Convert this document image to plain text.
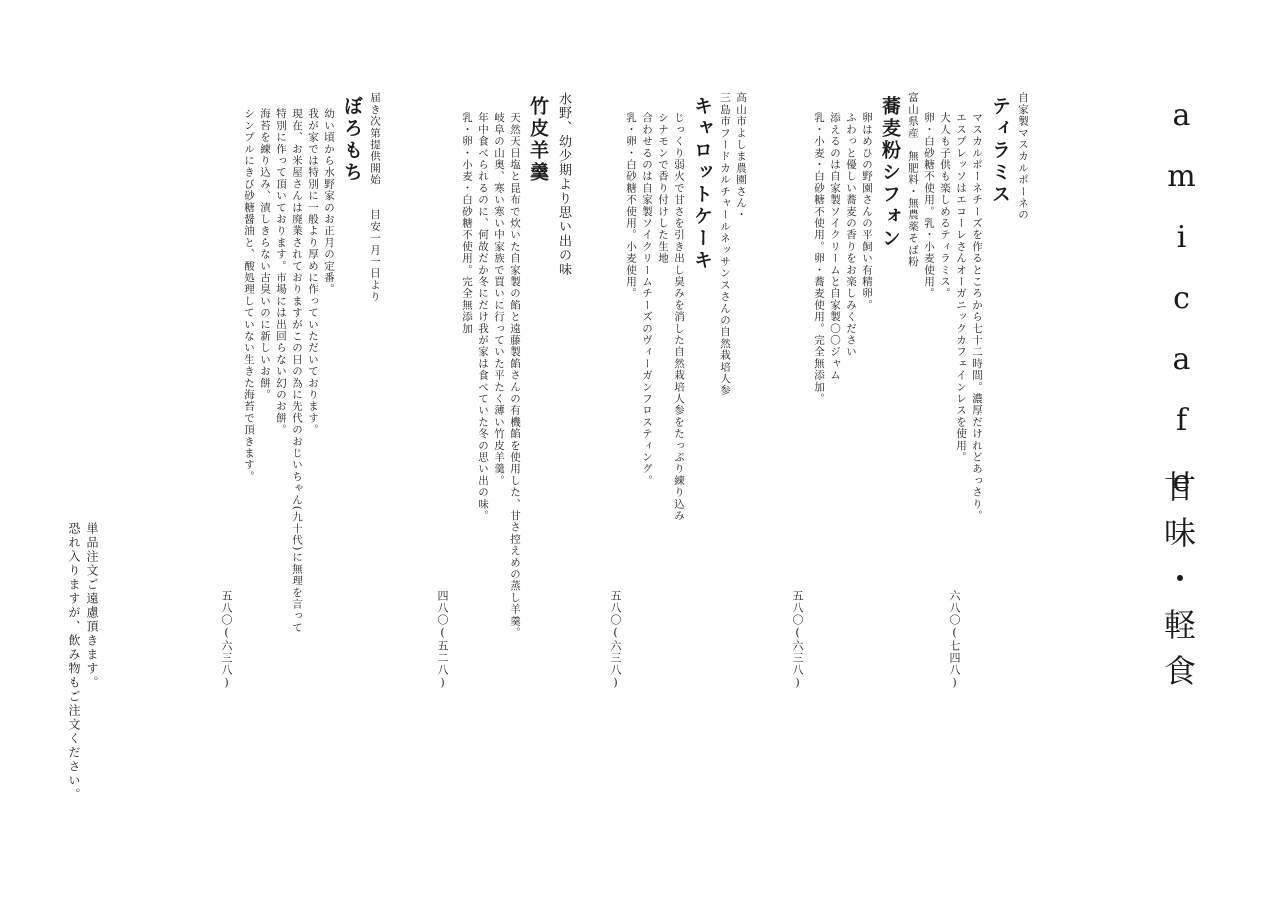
amicafe
甘味・軽食
自家製マスカルポーネの
ティラミス
マスカルポーネチーズを作るところから七十二時間。濃厚だけれどあっさり。
エスプレッソはエコーレさんオーガニックカフェインレスを使用。
大人も子供も楽しめるティラミス。
卵・白砂糖不使用。乳・小麦使用。
六八〇(七四八)
富山県産　無肥料・無農薬そば粉
蕎麦粉シフォン
卵はめひの野園さんの平飼い有精卵。
ふわっと優しい蕎麦の香りをお楽しみください
添えるのは自家製ソイクリームと自家製〇〇ジャム
乳・小麦・白砂糖不使用。卵・蕎麦使用。完全無添加。
五八〇(六三八)
高山市よしま農園さん・
三島市フードカルチャールネッサンスさんの自然栽培人参
キャロットケーキ
じっくり弱火で甘さを引き出し臭みを消した自然栽培人参をたっぷり練り込み
シナモンで香り付けした生地
合わせるのは自家製ソイクリームチーズのヴィーガンフロスティング。
乳・卵・白砂糖不使用。小麦使用。
五八〇(六三八)
水野、幼少期より思い出の味
竹皮羊羹
天然天日塩と昆布で炊いた自家製の餡と遠藤製餡さんの有機餡を使用した、甘さ控えめの蒸し羊羹。
岐阜の山奥、寒い寒い中家族で買いに行っていた平たく薄い竹皮羊羹。
年中食べられるのに、何故だか冬にだけ我が家は食べていた冬の思い出の味。
乳・卵・小麦・白砂糖不使用。完全無添加
四八〇(五二八)
届き次第提供開始　　目安一月一日より
ぼろもち
幼い頃から水野家のお正月の定番。
我が家では特別に一般より厚めに作っていただいております。
現在、お米屋さんは廃業されておりますがこの日の為に先代のおじいちゃん(九十代)に無理を言って
特別に作って頂いております。市場には出回らない幻のお餅。
海苔を練り込み、漬しきらない古臭いのに新しいお餅。
シンプルにきび砂糖醤油と、酸処理していない生きた海苔で頂きます。
五八〇(六三八)
単品注文ご遠慮頂きます。
恐れ入りますが、飲み物もご注文ください。
